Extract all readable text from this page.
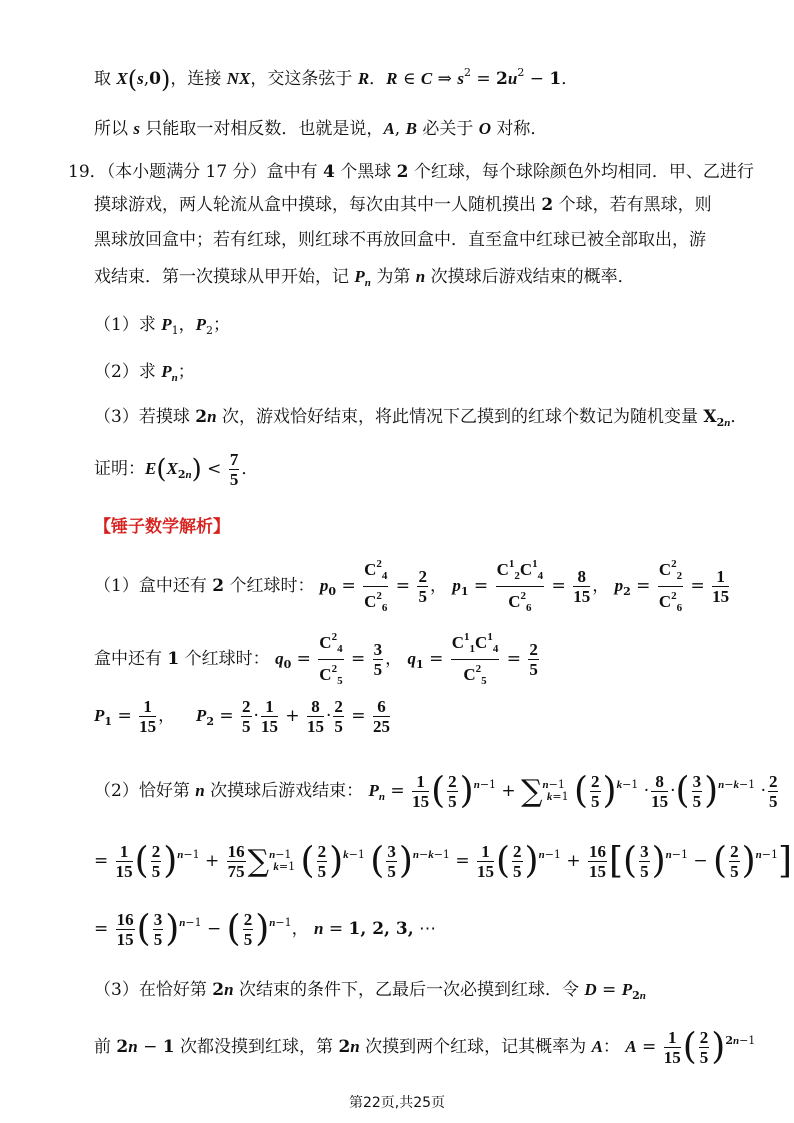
取 X(s,0)，连接 NX，交这条弦于 R．R ∈ C ⇒ $s^2 = 2u^2 - 1$．
所以 s 只能取一对相反数．也就是说，A, B 必关于 O 对称．
19．（本小题满分 17 分）盒中有 4 个黑球 2 个红球，每个球除颜色外均相同．甲、乙进行
摸球游戏，两人轮流从盒中摸球，每次由其中一人随机摸出 2 个球，若有黑球，则
黑球放回盒中；若有红球，则红球不再放回盒中．直至盒中红球已被全部取出，游
戏结束．第一次摸球从甲开始，记 $P_n$ 为第 n 次摸球后游戏结束的概率．
（1）求 $P_1$，$P_2$；
（2）求 $P_n$；
（3）若摸球 2n 次，游戏恰好结束，将此情况下乙摸到的红球个数记为随机变量 $X_{2n}$．
证明：$E(X_{2n}) < \frac{7}{5}$ ．
【锤子数学解析】
（1）盒中还有 2 个红球时： $p_0 = \frac{C^2_4}{C^2_6} = \frac{2}{5}$ ， $p_1 = \frac{C^1_2C^1_4}{C^2_6} = \frac{8}{15}$ ， $p_2 = \frac{C^2_2}{C^2_6} = \frac{1}{15}$
盒中还有 1 个红球时： $q_0 = \frac{C^2_4}{C^2_5} = \frac{3}{5}$ ， $q_1 = \frac{C^1_1C^1_4}{C^2_5} = \frac{2}{5}$
$P_1 = \frac{1}{15}$ ，  $P_2 = \frac{2}{5} \cdot \frac{1}{15} + \frac{8}{15} \cdot \frac{2}{5} = \frac{6}{25}$
（2）恰好第 n 次摸球后游戏结束： $P_n = \frac{1}{15}$ ( $\frac{2}{5} )^{n-1} + \sum^{n-1}_{k=1}$ ( $\frac{2}{5} )^{k-1} \cdot \frac{8}{15}$ ·( $\frac{3}{5} )^{n-k-1} \cdot \frac{2}{5}$
= $\frac{1}{15}$ ( $\frac{2}{5} )^{n-1} + \frac{16}{75} \sum^{n-1}_{k=1}$ ( $\frac{2}{5} )^{k-1}$ ( $\frac{3}{5} )^{n-k-1} = \frac{1}{15}$ ( $\frac{2}{5} )^{n-1} + \frac{16}{15}$ [( $\frac{3}{5} )^{n-1}$ − ( $\frac{2}{5} )^{n-1}$]
= $\frac{16}{15}$ ( $\frac{3}{5} )^{n-1}$ − ( $\frac{2}{5} )^{n-1}$， n = 1, 2, 3, ⋯
（3）在恰好第 2n 次结束的条件下，乙最后一次必摸到红球．令 $D = P_{2n}$
前 2n − 1 次都没摸到红球，第 2n 次摸到两个红球，记其概率为 A： $A = \frac{1}{15}$ ( $\frac{2}{5} )^{2n-1}$
第22页,共25页
